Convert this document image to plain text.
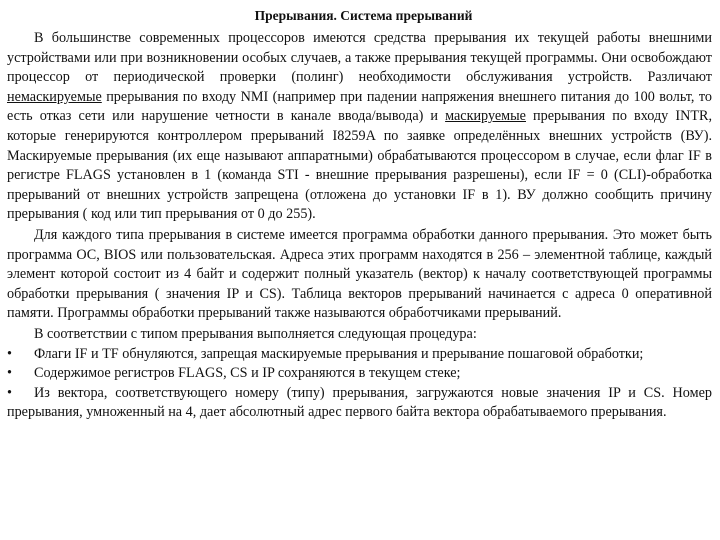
Прерывания. Система прерываний

В большинстве современных процессоров имеются средства прерывания их текущей работы внешними устройствами или при возникновении особых случаев, а также прерывания текущей программы. Они освобождают процессор от периодической проверки (полинг) необходимости обслуживания устройств. Различают немаскируемые прерывания по входу NMI (например при падении напряжения внешнего питания до 100 вольт, то есть отказ сети или нарушение четности в канале ввода/вывода) и маскируемые прерывания по входу INTR, которые генерируются контроллером прерываний I8259A по заявке определённых внешних устройств (ВУ). Маскируемые прерывания (их еще называют аппаратными) обрабатываются процессором в случае, если флаг IF в регистре FLAGS установлен в 1 (команда STI - внешние прерывания разрешены), если IF = 0 (CLI)-обработка прерываний от внешних устройств запрещена (отложена до установки IF в 1). ВУ должно сообщить причину прерывания ( код или тип прерывания от 0 до 255).

Для каждого типа прерывания в системе имеется программа обработки данного прерывания. Это может быть программа ОС, BIOS или пользовательская. Адреса этих программ находятся в 256 – элементной таблице, каждый элемент которой состоит из 4 байт и содержит полный указатель (вектор) к началу соответствующей программы обработки прерывания ( значения IP и CS). Таблица векторов прерываний начинается с адреса 0 оперативной памяти. Программы обработки прерываний также называются обработчиками прерываний.

В соответствии с типом прерывания выполняется следующая процедура:

• Флаги IF и TF обнуляются, запрещая маскируемые прерывания и прерывание пошаговой обработки;

• Содержимое регистров FLAGS, CS и IP сохраняются в текущем стеке;

• Из вектора, соответствующего номеру (типу) прерывания, загружаются новые значения IP и CS. Номер прерывания, умноженный на 4, дает абсолютный адрес первого байта вектора обрабатываемого прерывания.
